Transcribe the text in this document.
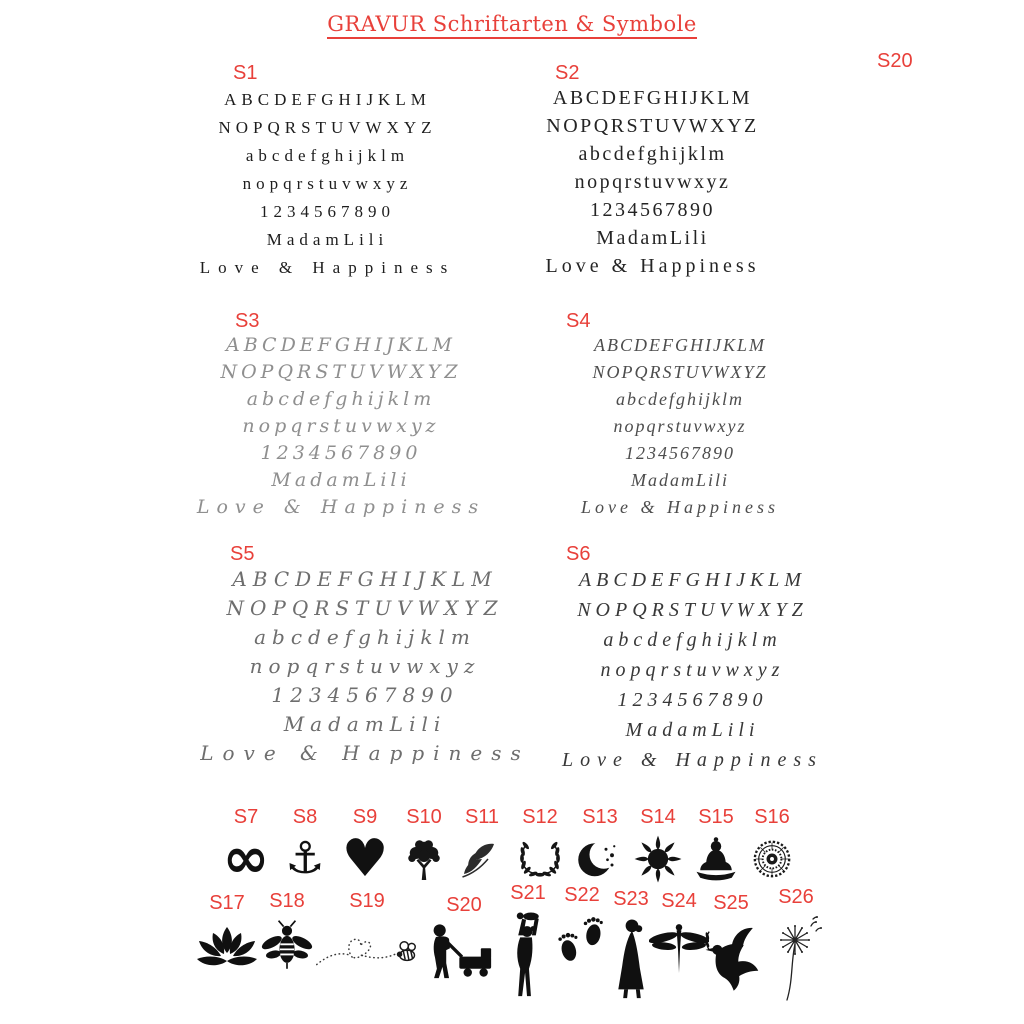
GRAVUR Schriftarten & Symbole
S20
S1
ABCDEFGHIJKLM
NOPQRSTUVWXYZ
abcdefghijklm
nopqrstuvwxyz
1234567890
MadamLili
Love & Happiness
S2
ABCDEFGHIJKLM
NOPQRSTUVWXYZ
abcdefghijklm
nopqrstuvwxyz
1234567890
MadamLili
Love & Happiness
S3
ABCDEFGHIJKLM
NOPQRSTUVWXYZ
abcdefghijklm
nopqrstuvwxyz
1234567890
MadamLili
Love & Happiness
S4
ABCDEFGHIJKLM
NOPQRSTUVWXYZ
abcdefghijklm
nopqrstuvwxyz
1234567890
MadamLili
Love & Happiness
S5
ABCDEFGHIJKLM
NOPQRSTUVWXYZ
abcdefghijklm
nopqrstuvwxyz
1234567890
MadamLili
Love & Happiness
S6
ABCDEFGHIJKLM
NOPQRSTUVWXYZ
abcdefghijklm
nopqrstuvwxyz
1234567890
MadamLili
Love & Happiness
S7
∞
S8
⚓
S9
♥
S10	S11	S12	S13	S14	S15	S16
S17	S18	S19	S20
S21 S22 S23 S24 S25	S26
